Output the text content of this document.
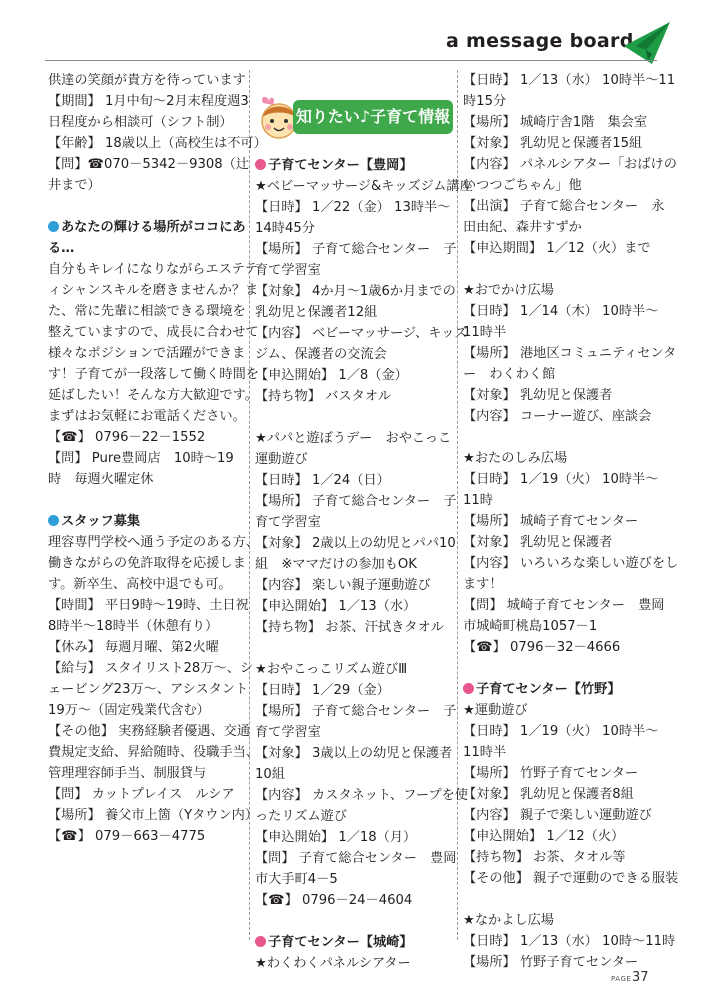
a message board
知りたい♪子育て情報
供達の笑顔が貴方を待っています
【期間】 1月中旬～2月末程度週3
日程度から相談可（シフト制）
【年齢】 18歳以上（高校生は不可）
【問】☎070－5342－9308（辻
井まで）
あなたの輝ける場所がココにあ
る…
自分もキレイになりながらエステテ
ィシャンスキルを磨きませんか？ま
た、常に先輩に相談できる環境を
整えていますので、成長に合わせて
様々なポジションで活躍ができま
す！子育てが一段落して働く時間を
延ばしたい！そんな方大歓迎です。
まずはお気軽にお電話ください。
【☎】 0796－22－1552
【問】 Pure豊岡店　10時～19
時　毎週火曜定休
スタッフ募集
理容専門学校へ通う予定のある方、
働きながらの免許取得を応援しま
す。新卒生、高校中退でも可。
【時間】 平日9時～19時、土日祝
8時半～18時半（休憩有り）
【休み】 毎週月曜、第2火曜
【給与】 スタイリスト28万～、シ
ェービング23万～、アシスタント
19万～（固定残業代含む）
【その他】 実務経験者優遇、交通
費規定支給、昇給随時、役職手当、
管理理容師手当、制服貸与
【問】 カットプレイス　ルシア
【場所】 養父市上箇（Yタウン内）
【☎】 079－663－4775
子育てセンター【豊岡】
★ベビーマッサージ&キッズジム講座
【日時】 1／22（金） 13時半～
14時45分
【場所】 子育て総合センター　子
育て学習室
【対象】 4か月～1歳6か月までの
乳幼児と保護者12組
【内容】 ベビーマッサージ、キッズ
ジム、保護者の交流会
【申込開始】 1／8（金）
【持ち物】 バスタオル
★パパと遊ぼうデー　おやこっこ
運動遊び
【日時】 1／24（日）
【場所】 子育て総合センター　子
育て学習室
【対象】 2歳以上の幼児とパパ10
組　※ママだけの参加もOK
【内容】 楽しい親子運動遊び
【申込開始】 1／13（水）
【持ち物】 お茶、汗拭きタオル
★おやこっこリズム遊びⅢ
【日時】 1／29（金）
【場所】 子育て総合センター　子
育て学習室
【対象】 3歳以上の幼児と保護者
10組
【内容】 カスタネット、フープを使
ったリズム遊び
【申込開始】 1／18（月）
【問】 子育て総合センター　豊岡
市大手町4－5
【☎】 0796－24－4604
子育てセンター【城崎】
★わくわくパネルシアター
【日時】 1／13（水） 10時半～11
時15分
【場所】 城崎庁舎1階　集会室
【対象】 乳幼児と保護者15組
【内容】 パネルシアター「おばけの
いつつごちゃん」他
【出演】 子育て総合センター　永
田由紀、森井すずか
【申込期間】 1／12（火）まで
★おでかけ広場
【日時】 1／14（木） 10時半～
11時半
【場所】 港地区コミュニティセンタ
ー　わくわく館
【対象】 乳幼児と保護者
【内容】 コーナー遊び、座談会
★おたのしみ広場
【日時】 1／19（火） 10時半～
11時
【場所】 城崎子育てセンター
【対象】 乳幼児と保護者
【内容】 いろいろな楽しい遊びをし
ます！
【問】 城崎子育てセンター　豊岡
市城崎町桃島1057－1
【☎】 0796－32－4666
子育てセンター【竹野】
★運動遊び
【日時】 1／19（火） 10時半～
11時半
【場所】 竹野子育てセンター
【対象】 乳幼児と保護者8組
【内容】 親子で楽しい運動遊び
【申込開始】 1／12（火）
【持ち物】 お茶、タオル等
【その他】 親子で運動のできる服装
★なかよし広場
【日時】 1／13（水） 10時～11時
【場所】 竹野子育てセンター
PAGE 37
